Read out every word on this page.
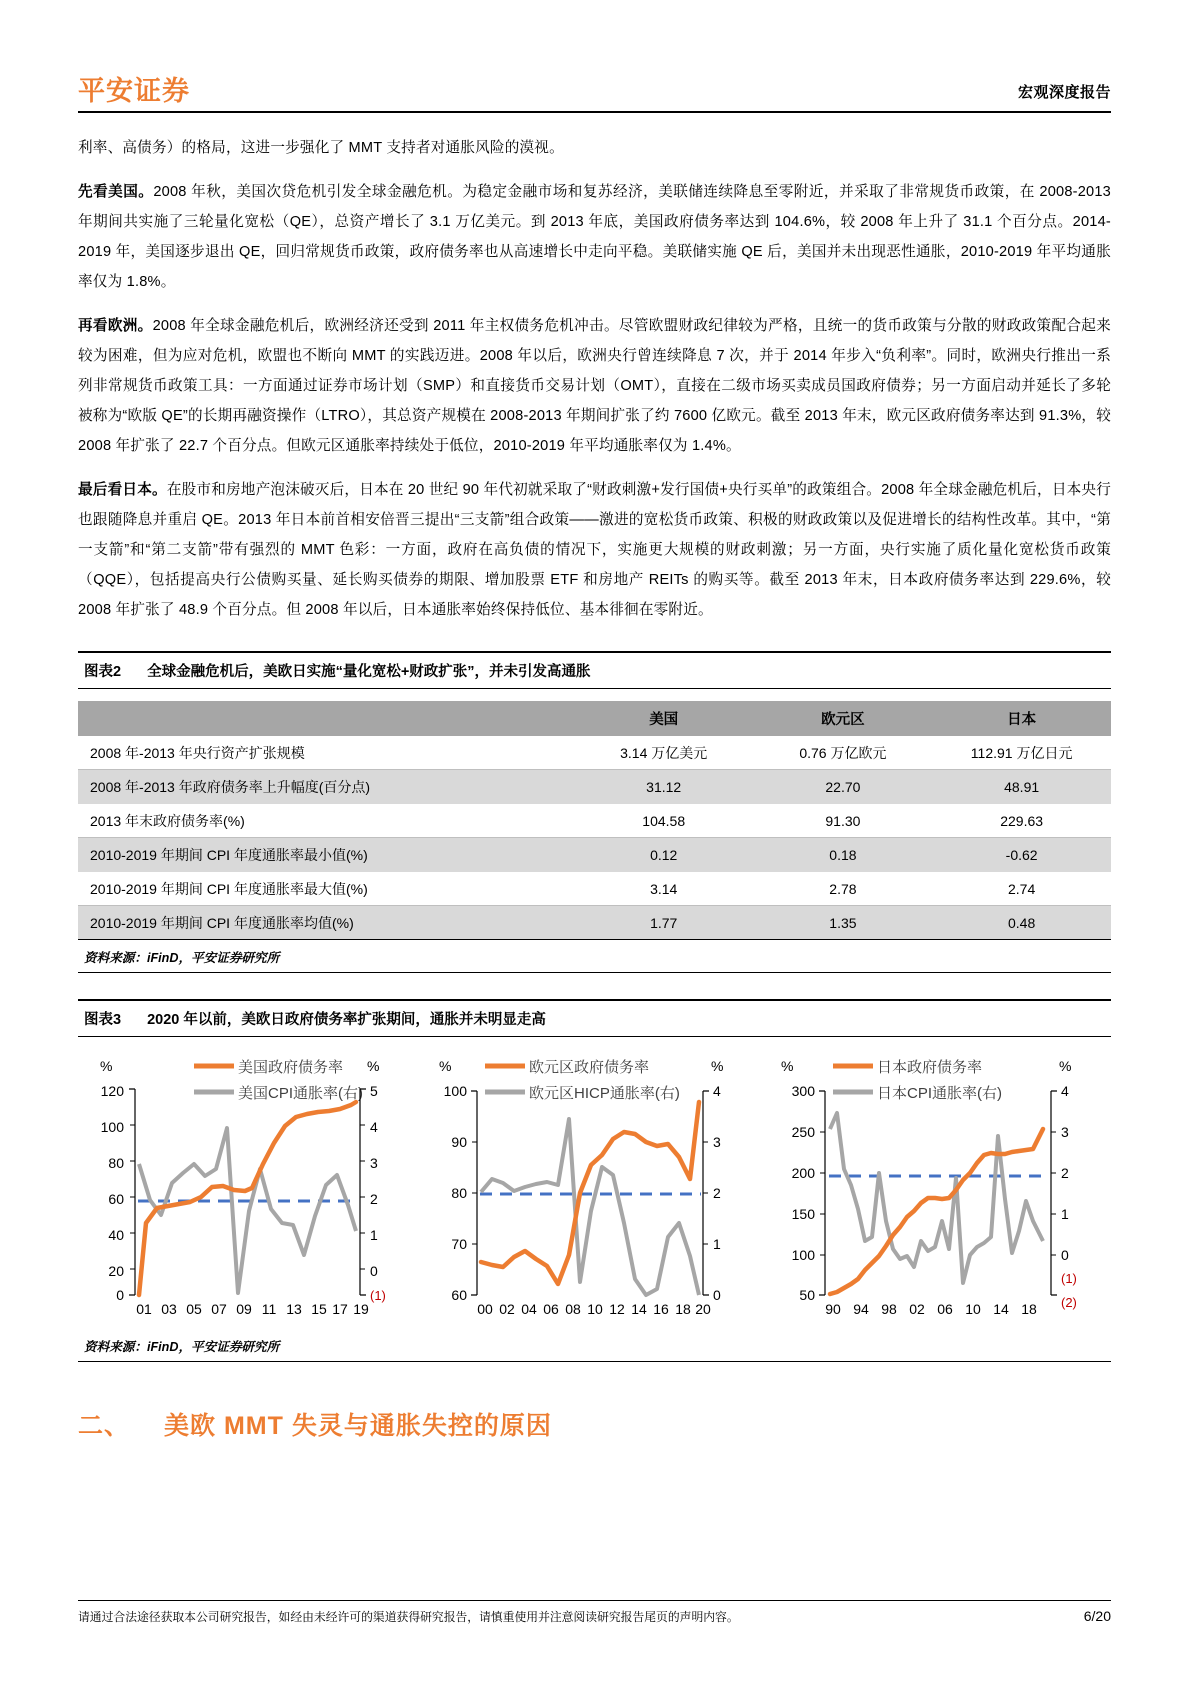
平安证券	宏观深度报告

利率、高债务）的格局，这进一步强化了 MMT 支持者对通胀风险的漠视。

先看美国。2008 年秋，美国次贷危机引发全球金融危机。为稳定金融市场和复苏经济，美联储连续降息至零附近，并采取了非常规货币政策，在 2008-2013 年期间共实施了三轮量化宽松（QE），总资产增长了 3.1 万亿美元。到 2013 年底，美国政府债务率达到 104.6%，较 2008 年上升了 31.1 个百分点。2014-2019 年，美国逐步退出 QE，回归常规货币政策，政府债务率也从高速增长中走向平稳。美联储实施 QE 后，美国并未出现恶性通胀，2010-2019 年平均通胀率仅为 1.8%。

再看欧洲。2008 年全球金融危机后，欧洲经济还受到 2011 年主权债务危机冲击。尽管欧盟财政纪律较为严格，且统一的货币政策与分散的财政政策配合起来较为困难，但为应对危机，欧盟也不断向 MMT 的实践迈进。2008 年以后，欧洲央行曾连续降息 7 次，并于 2014 年步入“负利率”。同时，欧洲央行推出一系列非常规货币政策工具：一方面通过证券市场计划（SMP）和直接货币交易计划（OMT），直接在二级市场买卖成员国政府债券；另一方面启动并延长了多轮被称为“欧版 QE”的长期再融资操作（LTRO），其总资产规模在 2008-2013 年期间扩张了约 7600 亿欧元。截至 2013 年末，欧元区政府债务率达到 91.3%，较 2008 年扩张了 22.7 个百分点。但欧元区通胀率持续处于低位，2010-2019 年平均通胀率仅为 1.4%。

最后看日本。在股市和房地产泡沫破灭后，日本在 20 世纪 90 年代初就采取了“财政刺激+发行国债+央行买单”的政策组合。2008 年全球金融危机后，日本央行也跟随降息并重启 QE。2013 年日本前首相安倍晋三提出“三支箭”组合政策——激进的宽松货币政策、积极的财政政策以及促进增长的结构性改革。其中，“第一支箭”和“第二支箭”带有强烈的 MMT 色彩：一方面，政府在高负债的情况下，实施更大规模的财政刺激；另一方面，央行实施了质化量化宽松货币政策（QQE），包括提高央行公债购买量、延长购买债券的期限、增加股票 ETF 和房地产 REITs 的购买等。截至 2013 年末，日本政府债务率达到 229.6%，较 2008 年扩张了 48.9 个百分点。但 2008 年以后，日本通胀率始终保持低位、基本徘徊在零附近。

图表2 全球金融危机后，美欧日实施“量化宽松+财政扩张”，并未引发高通胀
	美国	欧元区	日本
2008 年-2013 年央行资产扩张规模	3.14 万亿美元	0.76 万亿欧元	112.91 万亿日元
2008 年-2013 年政府债务率上升幅度(百分点)	31.12	22.70	48.91
2013 年末政府债务率(%)	104.58	91.30	229.63
2010-2019 年期间 CPI 年度通胀率最小值(%)	0.12	0.18	-0.62
2010-2019 年期间 CPI 年度通胀率最大值(%)	3.14	2.78	2.74
2010-2019 年期间 CPI 年度通胀率均值(%)	1.77	1.35	0.48
资料来源：iFinD，平安证券研究所
图表3 2020 年以前，美欧日政府债务率扩张期间，通胀并未明显走高
%	%
美国政府债务率
美国CPI通胀率(右)
120
100
80
60
40
20
0
5
4
3
2
1
0
(1)
01 03 05 07 09 11 13 15 17 19
%	%
欧元区政府债务率
欧元区HICP通胀率(右)
100
90
80
70
60
4
3
2
1
0
00 02 04 06 08 10 12 14 16 18 20
%	%
日本政府债务率
日本CPI通胀率(右)
300
250
200
150
100
50
4
3
2
1
0
(1)
(2)
90 94 98 02 06 10 14 18
资料来源：iFinD，平安证券研究所
二、 美欧 MMT 失灵与通胀失控的原因
请通过合法途径获取本公司研究报告，如经由未经许可的渠道获得研究报告，请慎重使用并注意阅读研究报告尾页的声明内容。	6/20
